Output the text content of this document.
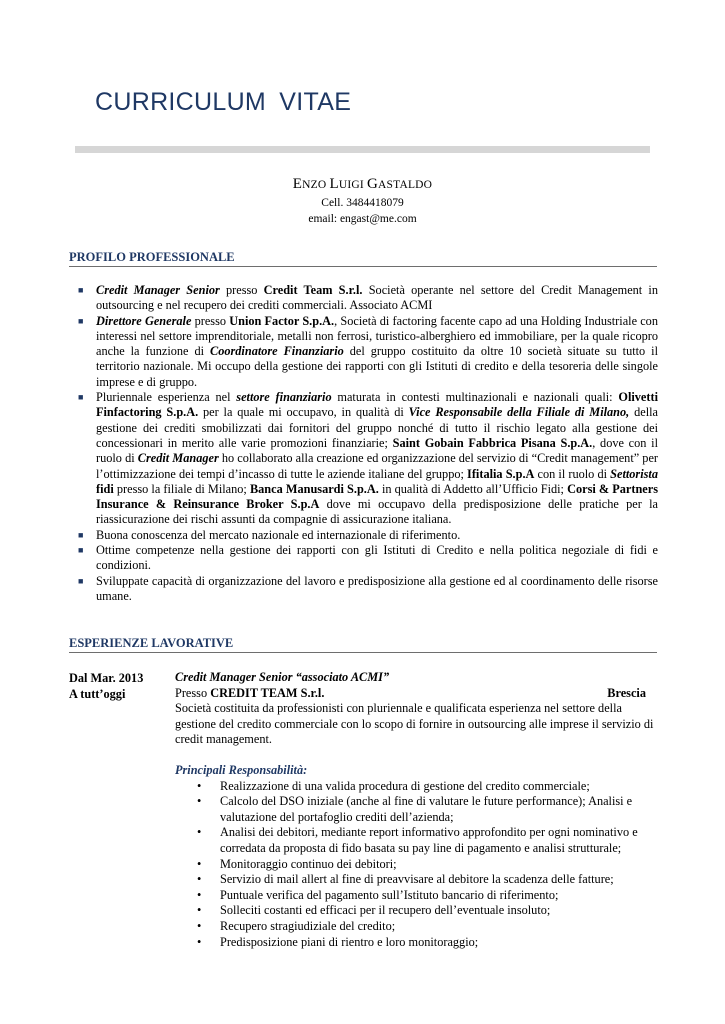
CURRICULUM VITAE
ENZO LUIGI GASTALDO
Cell. 3484418079
email: engast@me.com
PROFILO PROFESSIONALE
■ Credit Manager Senior presso Credit Team S.r.l. Società operante nel settore del Credit Management in outsourcing e nel recupero dei crediti commerciali. Associato ACMI
■ Direttore Generale presso Union Factor S.p.A., Società di factoring facente capo ad una Holding Industriale con interessi nel settore imprenditoriale, metalli non ferrosi, turistico-alberghiero ed immobiliare, per la quale ricopro anche la funzione di Coordinatore Finanziario del gruppo costituito da oltre 10 società situate su tutto il territorio nazionale. Mi occupo della gestione dei rapporti con gli Istituti di credito e della tesoreria delle singole imprese e di gruppo.
■ Pluriennale esperienza nel settore finanziario maturata in contesti multinazionali e nazionali quali: Olivetti Finfactoring S.p.A. per la quale mi occupavo, in qualità di Vice Responsabile della Filiale di Milano, della gestione dei crediti smobilizzati dai fornitori del gruppo nonché di tutto il rischio legato alla gestione dei concessionari in merito alle varie promozioni finanziarie; Saint Gobain Fabbrica Pisana S.p.A., dove con il ruolo di Credit Manager ho collaborato alla creazione ed organizzazione del servizio di “Credit management” per l’ottimizzazione dei tempi d’incasso di tutte le aziende italiane del gruppo; Ifitalia S.p.A con il ruolo di Settorista fidi presso la filiale di Milano; Banca Manusardi S.p.A. in qualità di Addetto all’Ufficio Fidi; Corsi & Partners Insurance & Reinsurance Broker S.p.A dove mi occupavo della predisposizione delle pratiche per la riassicurazione dei rischi assunti da compagnie di assicurazione italiana.
■ Buona conoscenza del mercato nazionale ed internazionale di riferimento.
■ Ottime competenze nella gestione dei rapporti con gli Istituti di Credito e nella politica negoziale di fidi e condizioni.
■ Sviluppate capacità di organizzazione del lavoro e predisposizione alla gestione ed al coordinamento delle risorse umane.
ESPERIENZE LAVORATIVE
Dal Mar. 2013
A tutt’oggi
Credit Manager Senior “associato ACMI”
Presso CREDIT TEAM S.r.l.	Brescia
Società costituita da professionisti con pluriennale e qualificata esperienza nel settore della gestione del credito commerciale con lo scopo di fornire in outsourcing alle imprese il servizio di credit management.
Principali Responsabilità:
• Realizzazione di una valida procedura di gestione del credito commerciale;
• Calcolo del DSO iniziale (anche al fine di valutare le future performance); Analisi e valutazione del portafoglio crediti dell’azienda;
• Analisi dei debitori, mediante report informativo approfondito per ogni nominativo e corredata da proposta di fido basata su pay line di pagamento e analisi strutturale;
• Monitoraggio continuo dei debitori;
• Servizio di mail allert al fine di preavvisare al debitore la scadenza delle fatture;
• Puntuale verifica del pagamento sull’Istituto bancario di riferimento;
• Solleciti costanti ed efficaci per il recupero dell’eventuale insoluto;
• Recupero stragiudiziale del credito;
• Predisposizione piani di rientro e loro monitoraggio;
